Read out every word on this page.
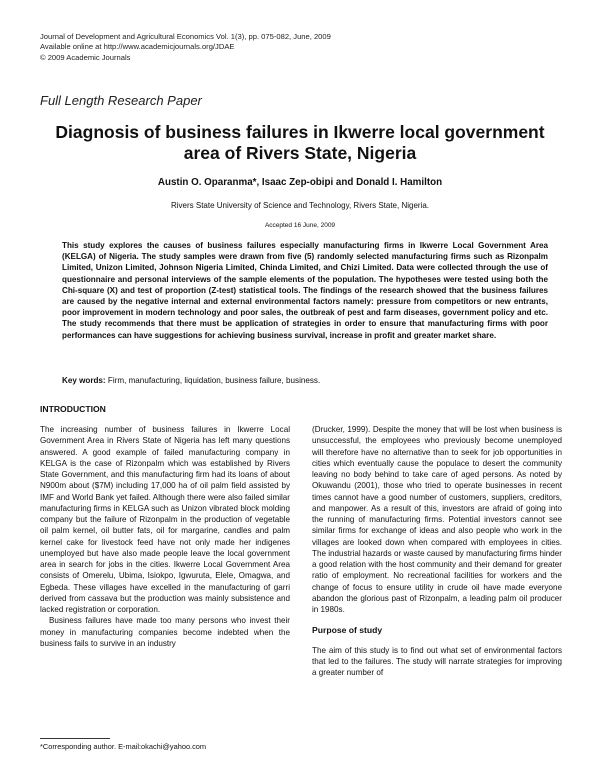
Journal of Development and Agricultural Economics Vol. 1(3), pp. 075-082, June, 2009
Available online at http://www.academicjournals.org/JDAE
© 2009 Academic Journals
Full Length Research Paper
Diagnosis of business failures in Ikwerre local government area of Rivers State, Nigeria
Austin O. Oparanma*, Isaac Zep-obipi and Donald I. Hamilton
Rivers State University of Science and Technology, Rivers State, Nigeria.
Accepted 16 June, 2009
This study explores the causes of business failures especially manufacturing firms in Ikwerre Local Government Area (KELGA) of Nigeria. The study samples were drawn from five (5) randomly selected manufacturing firms such as Rizonpalm Limited, Unizon Limited, Johnson Nigeria Limited, Chinda Limited, and Chizi Limited. Data were collected through the use of questionnaire and personal interviews of the sample elements of the population. The hypotheses were tested using both the Chi-square (X) and test of proportion (Z-test) statistical tools. The findings of the research showed that the business failures are caused by the negative internal and external environmental factors namely: pressure from competitors or new entrants, poor improvement in modern technology and poor sales, the outbreak of pest and farm diseases, government policy and etc. The study recommends that there must be application of strategies in order to ensure that manufacturing firms with poor performances can have suggestions for achieving business survival, increase in profit and greater market share.
Key words: Firm, manufacturing, liquidation, business failure, business.
INTRODUCTION

The increasing number of business failures in Ikwerre Local Government Area in Rivers State of Nigeria has left many questions answered. A good example of failed manufacturing company in KELGA is the case of Rizonpalm which was established by Rivers State Government, and this manufacturing firm had its loans of about N900m about ($7M) including 17,000 ha of oil palm field assisted by IMF and World Bank yet failed. Although there were also failed similar manufacturing firms in KELGA such as Unizon vibrated block molding company but the failure of Rizonpalm in the production of vegetable oil palm kernel, oil butter fats, oil for margarine, candles and palm kernel cake for livestock feed have not only made her indigenes unemployed but have also made people leave the local government area in search for jobs in the cities. Ikwerre Local Government Area consists of Omerelu, Ubima, Isiokpo, Igwuruta, Elele, Omagwa, and Egbeda. These villages have excelled in the manufacturing of garri derived from cassava but the production was mainly subsistence and lacked registration or corporation.

Business failures have made too many persons who invest their money in manufacturing companies become indebted when the business fails to survive in an industry

(Drucker, 1999). Despite the money that will be lost when business is unsuccessful, the employees who previously become unemployed will therefore have no alternative than to seek for job opportunities in cities which eventually cause the populace to desert the community leaving no body behind to take care of aged persons. As noted by Okuwandu (2001), those who tried to operate businesses in recent times cannot have a good number of customers, suppliers, creditors, and manpower. As a result of this, investors are afraid of going into the running of manufacturing firms. Potential investors cannot see similar firms for exchange of ideas and also people who work in the villages are looked down when compared with employees in cities. The industrial hazards or waste caused by manufacturing firms hinder a good relation with the host community and their demand for greater ratio of employment. No recreational facilities for workers and the change of focus to ensure utility in crude oil have made everyone abandon the glorious past of Rizonpalm, a leading palm oil producer in 1980s.

Purpose of study

The aim of this study is to find out what set of environmental factors that led to the failures. The study will narrate strategies for improving a greater number of

*Corresponding author. E-mail:okachi@yahoo.com
